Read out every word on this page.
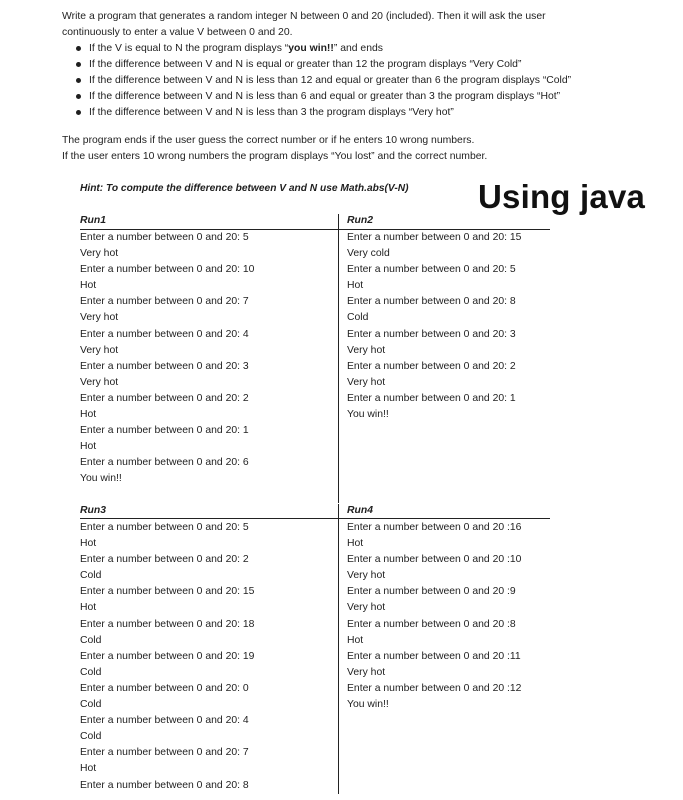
Write a program that generates a random integer N between 0 and 20 (included). Then it will ask the user

continuously to enter a value V between 0 and 20.

If the V is equal to N the program displays “you win!!” and ends
If the difference between V and N is equal or greater than 12 the program displays “Very Cold”
If the difference between V and N is less than 12 and equal or greater than 6 the program displays “Cold”
If the difference between V and N is less than 6 and equal or greater than 3 the program displays “Hot”
If the difference between V and N is less than 3 the program displays “Very hot”

The program ends if the user guess the correct number or if he enters 10 wrong numbers.

If the user enters 10 wrong numbers the program displays “You lost” and the correct number.

Hint: To compute the difference between V and N use Math.abs(V-N) Using java
Run1
Enter a number between 0 and 20: 5
Very hot
Enter a number between 0 and 20: 10
Hot
Enter a number between 0 and 20: 7
Very hot
Enter a number between 0 and 20: 4
Very hot
Enter a number between 0 and 20: 3
Very hot
Enter a number between 0 and 20: 2
Hot
Enter a number between 0 and 20: 1
Hot
Enter a number between 0 and 20: 6
You win!!
Run2
Enter a number between 0 and 20: 15
Very cold
Enter a number between 0 and 20: 5
Hot
Enter a number between 0 and 20: 8
Cold
Enter a number between 0 and 20: 3
Very hot
Enter a number between 0 and 20: 2
Very hot
Enter a number between 0 and 20: 1
You win!!
Run3
Enter a number between 0 and 20: 5
Hot
Enter a number between 0 and 20: 2
Cold
Enter a number between 0 and 20: 15
Hot
Enter a number between 0 and 20: 18
Cold
Enter a number between 0 and 20: 19
Cold
Enter a number between 0 and 20: 0
Cold
Enter a number between 0 and 20: 4
Cold
Enter a number between 0 and 20: 7
Hot
Enter a number between 0 and 20: 8
Run4
Enter a number between 0 and 20 :16
Hot
Enter a number between 0 and 20 :10
Very hot
Enter a number between 0 and 20 :9
Very hot
Enter a number between 0 and 20 :8
Hot
Enter a number between 0 and 20 :11
Very hot
Enter a number between 0 and 20 :12
You win!!
